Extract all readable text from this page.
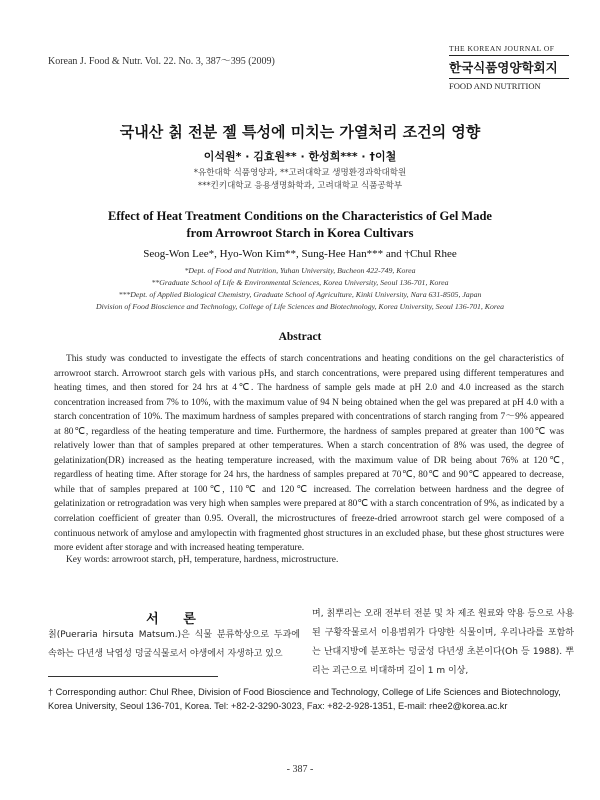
Korean J. Food & Nutr. Vol. 22. No. 3, 387～395 (2009)
THE KOREAN JOURNAL OF
한국식품영양학회지
FOOD AND NUTRITION
국내산 칡 전분 젤 특성에 미치는 가열처리 조건의 영향
이석원* · 김효원** · 한성희*** · †이철
*유한대학 식품영양과, **고려대학교 생명환경과학대학원
***킨키대학교 응용생명화학과, 고려대학교 식품공학부
Effect of Heat Treatment Conditions on the Characteristics of Gel Made
from Arrowroot Starch in Korea Cultivars
Seog-Won Lee*, Hyo-Won Kim**, Sung-Hee Han*** and †Chul Rhee
*Dept. of Food and Nutrition, Yuhan University, Bucheon 422-749, Korea
**Graduate School of Life & Environmental Sciences, Korea University, Seoul 136-701, Korea
***Dept. of Applied Biological Chemistry, Graduate School of Agriculture, Kinki University, Nara 631-8505, Japan
Division of Food Bioscience and Technology, College of Life Sciences and Biotechnology, Korea University, Seoul 136-701, Korea
Abstract
This study was conducted to investigate the effects of starch concentrations and heating conditions on the gel characteristics of arrowroot starch. Arrowroot starch gels with various pHs, and starch concentrations, were prepared using different temperatures and heating times, and then stored for 24 hrs at 4℃. The hardness of sample gels made at pH 2.0 and 4.0 increased as the starch concentration increased from 7% to 10%, with the maximum value of 94 N being obtained when the gel was prepared at pH 4.0 with a starch concentration of 10%. The maximum hardness of samples prepared with concentrations of starch ranging from 7～9% appeared at 80℃, regardless of the heating temperature and time. Furthermore, the hardness of samples prepared at greater than 100℃ was relatively lower than that of samples prepared at other temperatures. When a starch concentration of 8% was used, the degree of gelatinization(DR) increased as the heating temperature increased, with the maximum value of DR being about 76% at 120℃, regardless of heating time. After storage for 24 hrs, the hardness of samples prepared at 70℃, 80℃ and 90℃ appeared to decrease, while that of samples prepared at 100℃, 110℃ and 120℃ increased. The correlation between hardness and the degree of gelatinization or retrogradation was very high when samples were prepared at 80℃ with a starch concentration of 9%, as indicated by a correlation coefficient of greater than 0.95. Overall, the microstructures of freeze-dried arrowroot starch gel were composed of a continuous network of amylose and amylopectin with fragmented ghost structures in an excluded phase, but these ghost structures were more evident after storage and with increased heating temperature.
Key words: arrowroot starch, pH, temperature, hardness, microstructure.
서 론
칡(Pueraria hirsuta Matsum.)은 식물 분류학상으로 두과에 속하는 다년생 낙엽성 덩굴식물로서 야생에서 자생하고 있으
며, 칡뿌리는 오래 전부터 전분 및 차 제조 원료와 약용 등으로 사용된 구황작물로서 이용범위가 다양한 식물이며, 우리나라를 포함하는 난대지방에 분포하는 덩굴성 다년생 초본이다(Oh 등 1988). 뿌리는 괴근으로 비대하며 길이 1 m 이상,
† Corresponding author: Chul Rhee, Division of Food Bioscience and Technology, College of Life Sciences and Biotechnology, Korea University, Seoul 136-701, Korea. Tel: +82-2-3290-3023, Fax: +82-2-928-1351, E-mail: rhee2@korea.ac.kr
- 387 -
